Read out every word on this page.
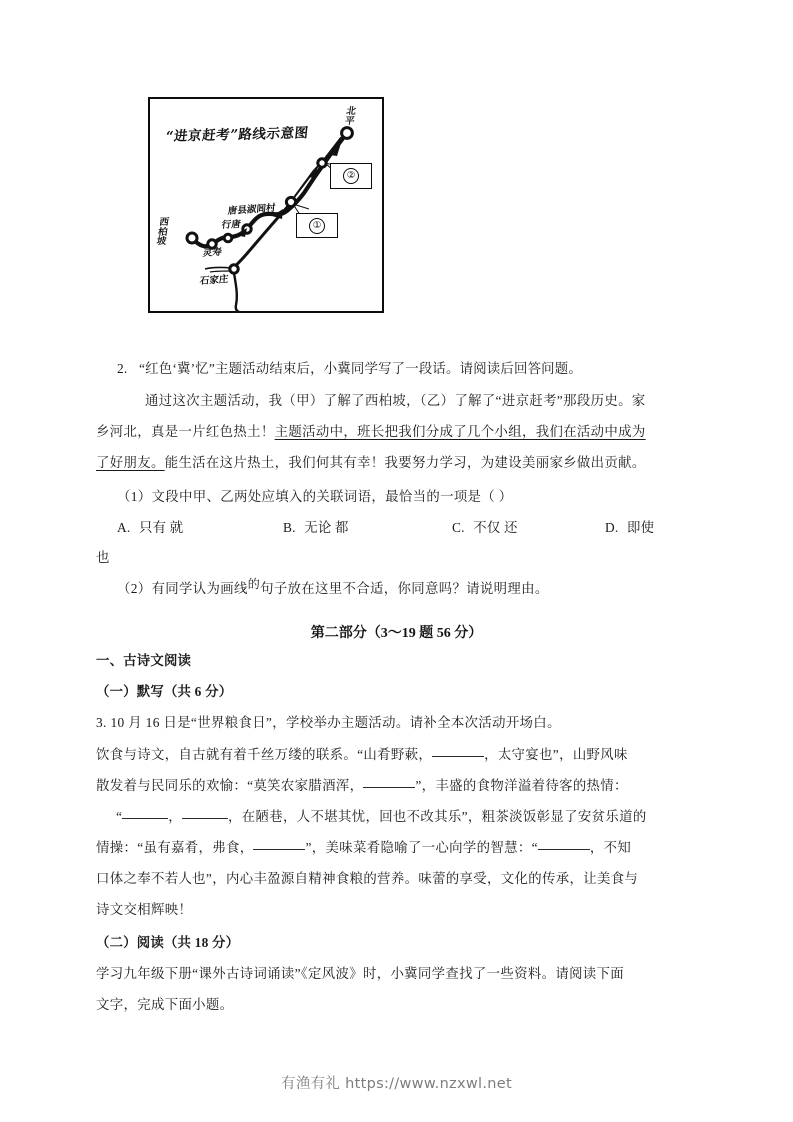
“进京赶考”路线示意图
西
柏
坡
灵寿
行唐
唐县淑闾村
石家庄
北
平
①
②
2. “红色‘冀’忆”主题活动结束后，小冀同学写了一段话。请阅读后回答问题。
通过这次主题活动，我（甲）了解了西柏坡，（乙）了解了“进京赶考”那段历史。家
乡河北，真是一片红色热土！主题活动中，班长把我们分成了几个小组，我们在活动中成为
了好朋友。能生活在这片热土，我们何其有幸！我要努力学习，为建设美丽家乡做出贡献。
（1）文段中甲、乙两处应填入的关联词语，最恰当的一项是（ ）
A. 只有 就	B. 无论 都	C. 不仅 还	D. 即使
也
（2）有同学认为画线的句子放在这里不合适，你同意吗？请说明理由。
第二部分（3～19 题 56 分）
一、古诗文阅读
（一）默写（共 6 分）
3. 10 月 16 日是“世界粮食日”，学校举办主题活动。请补全本次活动开场白。
饮食与诗文，自古就有着千丝万缕的联系。“山肴野蔌，	，太守宴也”，山野风味
散发着与民同乐的欢愉：“莫笑农家腊酒浑，	”，丰盛的食物洋溢着待客的热情：
“	，	，在陋巷，人不堪其忧，回也不改其乐”，粗茶淡饭彰显了安贫乐道的
情操：“虽有嘉肴，弗食，	”，美味菜肴隐喻了一心向学的智慧：“	，不知
口体之奉不若人也”，内心丰盈源自精神食粮的营养。味蕾的享受，文化的传承，让美食与
诗文交相辉映！
（二）阅读（共 18 分）
学习九年级下册“课外古诗词诵读”《定风波》时，小冀同学查找了一些资料。请阅读下面
文字，完成下面小题。
有渔有礼 https://www.nzxwl.net
